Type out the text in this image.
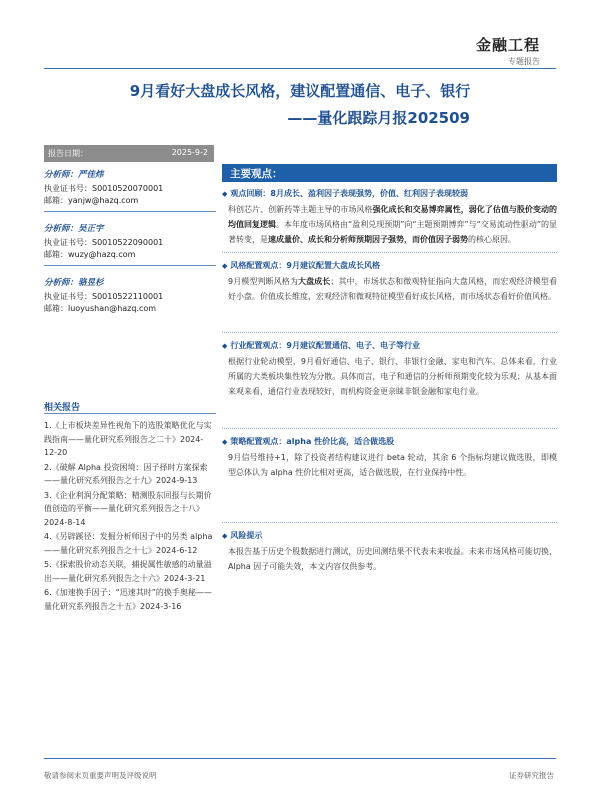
金融工程
专题报告
9月看好大盘成长风格，建议配置通信、电子、银行
——量化跟踪月报202509
报告日期：	2025-9-2
分析师：严佳炜
执业证书号：S0010520070001
邮箱：yanjw@hazq.com
分析师：吴正宇
执业证书号：S0010522090001
邮箱：wuzy@hazq.com
分析师：骆昱杉
执业证书号：S0010522110001
邮箱：luoyushan@hazq.com
相关报告
1.《上市板块差异性视角下的选股策略优化与实践指南——量化研究系列报告之二十》2024-12-20
2.《破解 Alpha 投资困境：因子择时方案探索——量化研究系列报告之十九》2024-9-13
3.《企业利润分配策略：精测股东回报与长期价值创造的平衡——量化研究系列报告之十八》2024-8-14
4.《另辟蹊径：发掘分析师因子中的另类 alpha——量化研究系列报告之十七》2024-6-12
5.《探索股价动态关联，捕捉属性敏感的动量溢出——量化研究系列报告之十六》2024-3-21
6.《加速换手因子：“迅速其时”的换手奥秘——量化研究系列报告之十五》2024-3-16
主要观点：
◆ 观点回顾：8月成长、盈利因子表现强势，价值、红利因子表现较弱
科创芯片、创新药等主题主导的市场风格强化成长和交易博弈属性，弱化了估值与股价变动的均值回复逻辑。本年度市场风格由“盈利兑现预期”向“主题预期博弈”与“交易流动性驱动”的显著转变，是速成量价、成长和分析师预期因子强势，而价值因子弱势的核心原因。
◆ 风格配置观点：9月建议配置大盘成长风格
9月模型判断风格为大盘成长；其中，市场状态和微观特征指向大盘风格，而宏观经济模型看好小盘。价值成长维度，宏观经济和微观特征模型看好成长风格，而市场状态看好价值风格。
◆ 行业配置观点：9月建议配置通信、电子、电子等行业
根据行业轮动模型，9月看好通信、电子、银行、非银行金融、家电和汽车。总体来看，行业所属的大类板块集性较为分散。具体而言，电子和通信的分析师预期变化较为乐观；从基本面来观来看，通信行业表现较好，而机构资金更亲睐非银金融和家电行业。
◆ 策略配置观点：alpha 性价比高，适合做选股
9月信号维持+1，除了投资者结构建议进行 beta 轮动，其余 6 个指标均建议做选股，即模型总体认为 alpha 性价比相对更高，适合做选股，在行业保持中性。
◆ 风险提示
本报告基于历史个股数据进行测试，历史回测结果不代表未来收益。未来市场风格可能切换，Alpha 因子可能失效，本文内容仅供参考。
敬请参阅末页重要声明及评级说明	证券研究报告
